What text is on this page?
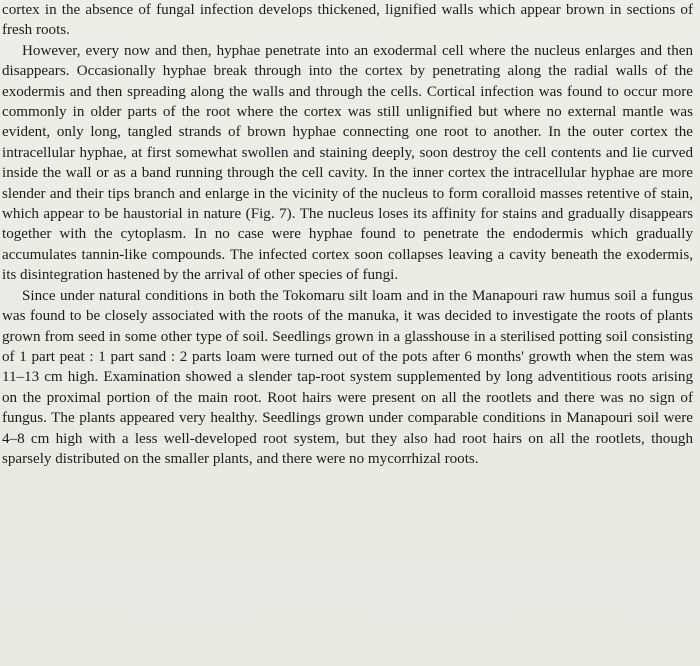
cortex in the absence of fungal infection develops thickened, lignified walls which appear brown in sections of fresh roots.

However, every now and then, hyphae penetrate into an exodermal cell where the nucleus enlarges and then disappears. Occasionally hyphae break through into the cortex by penetrating along the radial walls of the exodermis and then spreading along the walls and through the cells. Cortical infection was found to occur more commonly in older parts of the root where the cortex was still unlignified but where no external mantle was evident, only long, tangled strands of brown hyphae connecting one root to another. In the outer cortex the intracellular hyphae, at first somewhat swollen and staining deeply, soon destroy the cell contents and lie curved inside the wall or as a band running through the cell cavity. In the inner cortex the intracellular hyphae are more slender and their tips branch and enlarge in the vicinity of the nucleus to form coralloid masses retentive of stain, which appear to be haustorial in nature (Fig. 7). The nucleus loses its affinity for stains and gradually disappears together with the cytoplasm. In no case were hyphae found to penetrate the endodermis which gradually accumulates tannin-like compounds. The infected cortex soon collapses leaving a cavity beneath the exodermis, its disintegration hastened by the arrival of other species of fungi.

Since under natural conditions in both the Tokomaru silt loam and in the Manapouri raw humus soil a fungus was found to be closely associated with the roots of the manuka, it was decided to investigate the roots of plants grown from seed in some other type of soil. Seedlings grown in a glasshouse in a sterilised potting soil consisting of 1 part peat : 1 part sand : 2 parts loam were turned out of the pots after 6 months' growth when the stem was 11–13 cm high. Examination showed a slender tap-root system supplemented by long adventitious roots arising on the proximal portion of the main root. Root hairs were present on all the rootlets and there was no sign of fungus. The plants appeared very healthy. Seedlings grown under comparable conditions in Manapouri soil were 4–8 cm high with a less well-developed root system, but they also had root hairs on all the rootlets, though sparsely distributed on the smaller plants, and there were no mycorrhizal roots.
